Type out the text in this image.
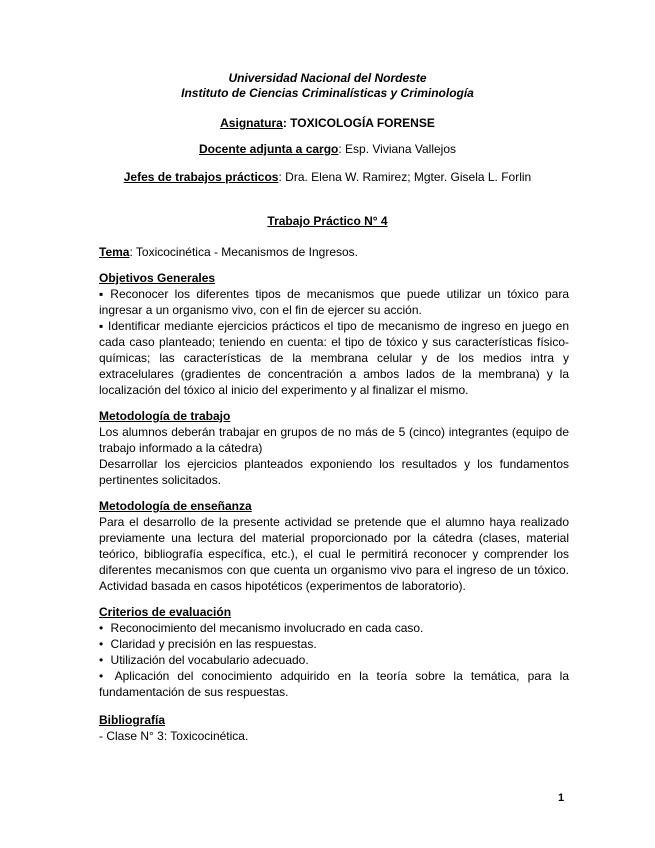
Universidad Nacional del Nordeste
Instituto de Ciencias Criminalísticas y Criminología
Asignatura: TOXICOLOGÍA FORENSE
Docente adjunta a cargo: Esp. Viviana Vallejos
Jefes de trabajos prácticos: Dra. Elena W. Ramirez; Mgter. Gisela L. Forlin
Trabajo Práctico N° 4
Tema: Toxicocinética - Mecanismos de Ingresos.
Objetivos Generales
▪ Reconocer los diferentes tipos de mecanismos que puede utilizar un tóxico para ingresar a un organismo vivo, con el fin de ejercer su acción.
▪ Identificar mediante ejercicios prácticos el tipo de mecanismo de ingreso en juego en cada caso planteado; teniendo en cuenta: el tipo de tóxico y sus características físico-químicas; las características de la membrana celular y de los medios intra y extracelulares (gradientes de concentración a ambos lados de la membrana) y la localización del tóxico al inicio del experimento y al finalizar el mismo.
Metodología de trabajo
Los alumnos deberán trabajar en grupos de no más de 5 (cinco) integrantes (equipo de trabajo informado a la cátedra)
Desarrollar los ejercicios planteados exponiendo los resultados y los fundamentos pertinentes solicitados.
Metodología de enseñanza
Para el desarrollo de la presente actividad se pretende que el alumno haya realizado previamente una lectura del material proporcionado por la cátedra (clases, material teórico, bibliografía específica, etc.), el cual le permitirá reconocer y comprender los diferentes mecanismos con que cuenta un organismo vivo para el ingreso de un tóxico. Actividad basada en casos hipotéticos (experimentos de laboratorio).
Criterios de evaluación
• Reconocimiento del mecanismo involucrado en cada caso.
• Claridad y precisión en las respuestas.
• Utilización del vocabulario adecuado.
• Aplicación del conocimiento adquirido en la teoría sobre la temática, para la fundamentación de sus respuestas.
Bibliografía
- Clase N° 3: Toxicocinética.
1
